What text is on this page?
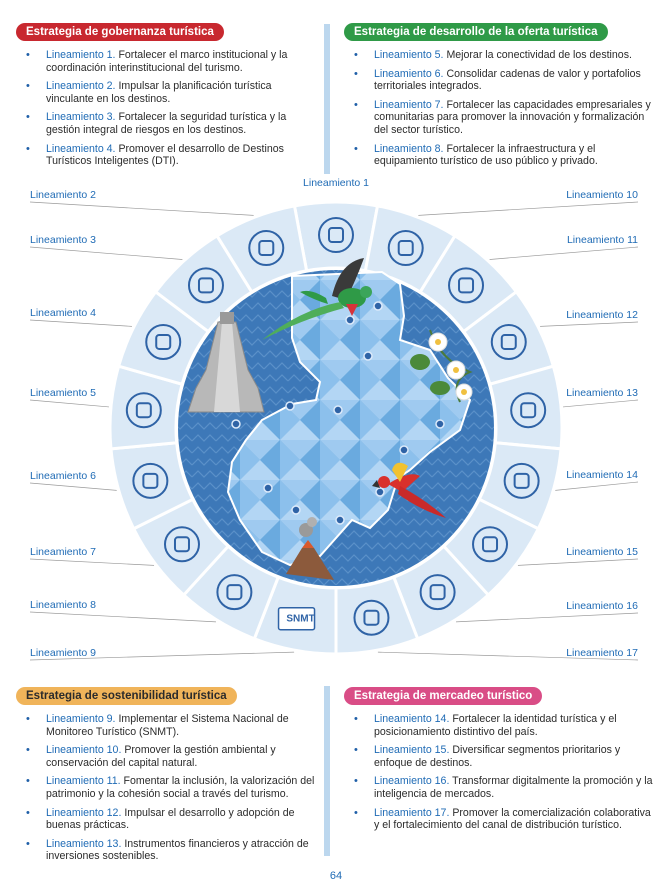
Estrategia de gobernanza turística
• Lineamiento 1. Fortalecer el marco institucional y la coordinación interinstitucional del turismo.
• Lineamiento 2. Impulsar la planificación turística vinculante en los destinos.
• Lineamiento 3. Fortalecer la seguridad turística y la gestión integral de riesgos en los destinos.
• Lineamiento 4. Promover el desarrollo de Destinos Turísticos Inteligentes (DTI).
Estrategia de desarrollo de la oferta turística
• Lineamiento 5. Mejorar la conectividad de los destinos.
• Lineamiento 6. Consolidar cadenas de valor y portafolios territoriales integrados.
• Lineamiento 7. Fortalecer las capacidades empresariales y comunitarias para promover la innovación y formalización del sector turístico.
• Lineamiento 8. Fortalecer la infraestructura y el equipamiento turístico de uso público y privado.
Lineamiento 1
Lineamiento 2
Lineamiento 3
Lineamiento 4
Lineamiento 5
Lineamiento 6
Lineamiento 7
Lineamiento 8
Lineamiento 9
SNMT
Lineamiento 10
Lineamiento 11
Lineamiento 12
Lineamiento 13
Lineamiento 14
Lineamiento 15
Lineamiento 16
Lineamiento 17
Estrategia de sostenibilidad turística
• Lineamiento 9. Implementar el Sistema Nacional de Monitoreo Turístico (SNMT).
• Lineamiento 10. Promover la gestión ambiental y conservación del capital natural.
• Lineamiento 11. Fomentar la inclusión, la valorización del patrimonio y la cohesión social a través del turismo.
• Lineamiento 12. Impulsar el desarrollo y adopción de buenas prácticas.
• Lineamiento 13. Instrumentos financieros y atracción de inversiones sostenibles.
Estrategia de mercadeo turístico
• Lineamiento 14. Fortalecer la identidad turística y el posicionamiento distintivo del país.
• Lineamiento 15. Diversificar segmentos prioritarios y enfoque de destinos.
• Lineamiento 16. Transformar digitalmente la promoción y la inteligencia de mercados.
• Lineamiento 17. Promover la comercialización colaborativa y el fortalecimiento del canal de distribución turístico.
64
